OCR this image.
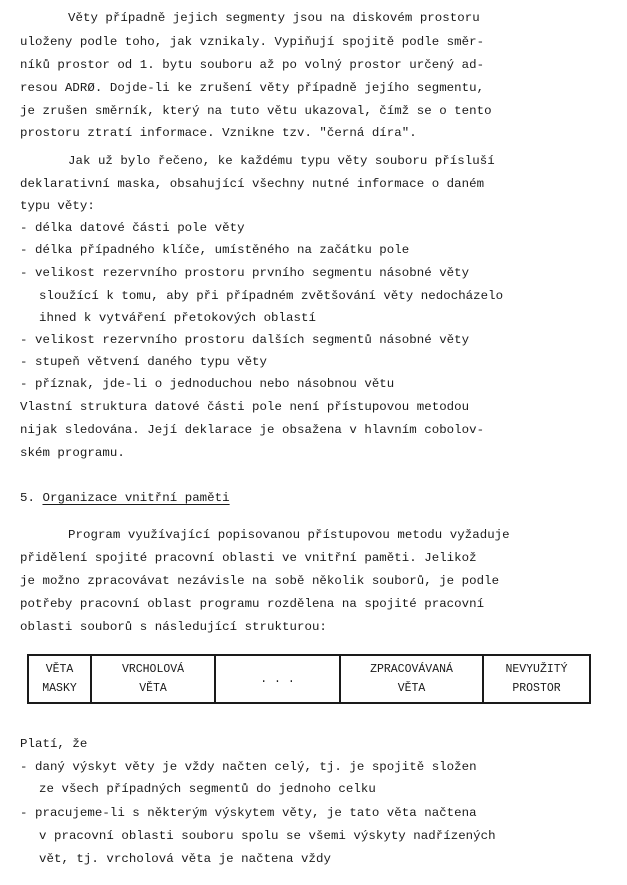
Věty případně jejich segmenty jsou na diskovém prostoru
uloženy podle toho, jak vznikaly. Vypiňují spojitě podle směr-
níků prostor od 1. bytu souboru až po volný prostor určený ad-
resou ADRØ. Dojde-li ke zrušení věty případně jejího segmentu,
je zrušen směrník, který na tuto větu ukazoval, čímž se o tento
prostoru ztratí informace. Vznikne tzv. "černá díra".
Jak už bylo řečeno, ke každému typu věty souboru přísluší
deklarativní maska, obsahující všechny nutné informace o daném
typu věty:
- délka datové části pole věty
- délka případného klíče, umístěného na začátku pole
- velikost rezervního prostoru prvního segmentu násobné věty
sloužící k tomu, aby při případném zvětšování věty nedocházelo
ihned k vytváření přetokových oblastí
- velikost rezervního prostoru dalších segmentů násobné věty
- stupeň větvení daného typu věty
- příznak, jde-li o jednoduchou nebo násobnou větu
Vlastní struktura datové části pole není přístupovou metodou
nijak sledována. Její deklarace je obsažena v hlavním cobolov-
ském programu.
5. Organizace vnitřní paměti
Program využívající popisovanou přístupovou metodu vyžaduje
přidělení spojité pracovní oblasti ve vnitřní paměti. Jelikož
je možno zpracovávat nezávisle na sobě několik souborů, je podle
potřeby pracovní oblast programu rozdělena na spojité pracovní
oblasti souborů s následující strukturou:
VĚTA
MASKY
VRCHOLOVÁ
VĚTA
. . .
ZPRACOVÁVANÁ
VĚTA
NEVYUŽITÝ
PROSTOR
Platí, že
- daný výskyt věty je vždy načten celý, tj. je spojitě složen
ze všech případných segmentů do jednoho celku
- pracujeme-li s některým výskytem věty, je tato věta načtena
v pracovní oblasti souboru spolu se všemi výskyty nadřízených
vět, tj. vrcholová věta je načtena vždy
